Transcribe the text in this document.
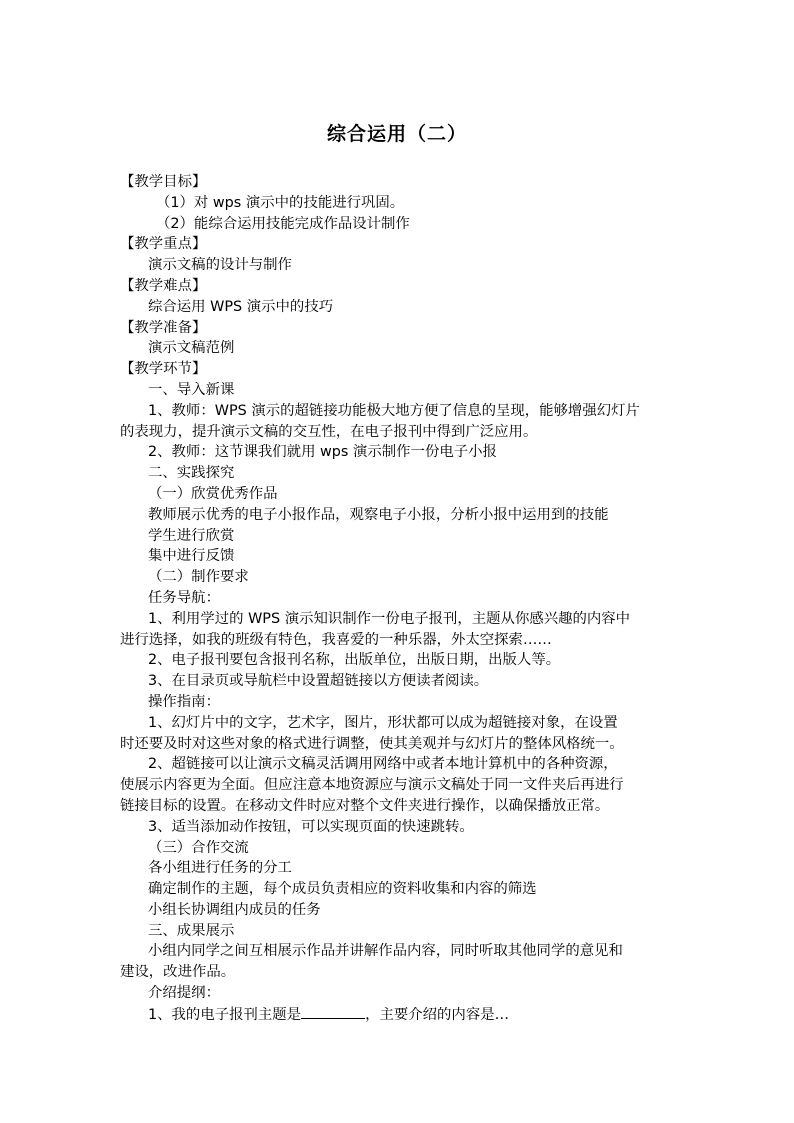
综合运用（二）
【教学目标】
（1）对 wps 演示中的技能进行巩固。
（2）能综合运用技能完成作品设计制作
【教学重点】
演示文稿的设计与制作
【教学难点】
综合运用 WPS 演示中的技巧
【教学准备】
演示文稿范例
【教学环节】
一、导入新课
1、教师：WPS 演示的超链接功能极大地方便了信息的呈现，能够增强幻灯片
的表现力，提升演示文稿的交互性，在电子报刊中得到广泛应用。
2、教师：这节课我们就用 wps 演示制作一份电子小报
二、实践探究
（一）欣赏优秀作品
教师展示优秀的电子小报作品，观察电子小报，分析小报中运用到的技能
学生进行欣赏
集中进行反馈
（二）制作要求
任务导航：
1、利用学过的 WPS 演示知识制作一份电子报刊，主题从你感兴趣的内容中
进行选择，如我的班级有特色，我喜爱的一种乐器，外太空探索……
2、电子报刊要包含报刊名称，出版单位，出版日期，出版人等。
3、在目录页或导航栏中设置超链接以方便读者阅读。
操作指南：
1、幻灯片中的文字，艺术字，图片，形状都可以成为超链接对象，在设置
时还要及时对这些对象的格式进行调整，使其美观并与幻灯片的整体风格统一。
2、超链接可以让演示文稿灵活调用网络中或者本地计算机中的各种资源，
使展示内容更为全面。但应注意本地资源应与演示文稿处于同一文件夹后再进行
链接目标的设置。在移动文件时应对整个文件夹进行操作，以确保播放正常。
3、适当添加动作按钮，可以实现页面的快速跳转。
（三）合作交流
各小组进行任务的分工
确定制作的主题，每个成员负责相应的资料收集和内容的筛选
小组长协调组内成员的任务
三、成果展示
小组内同学之间互相展示作品并讲解作品内容，同时听取其他同学的意见和
建设，改进作品。
介绍提纲：
1、我的电子报刊主题是	，主要介绍的内容是…
